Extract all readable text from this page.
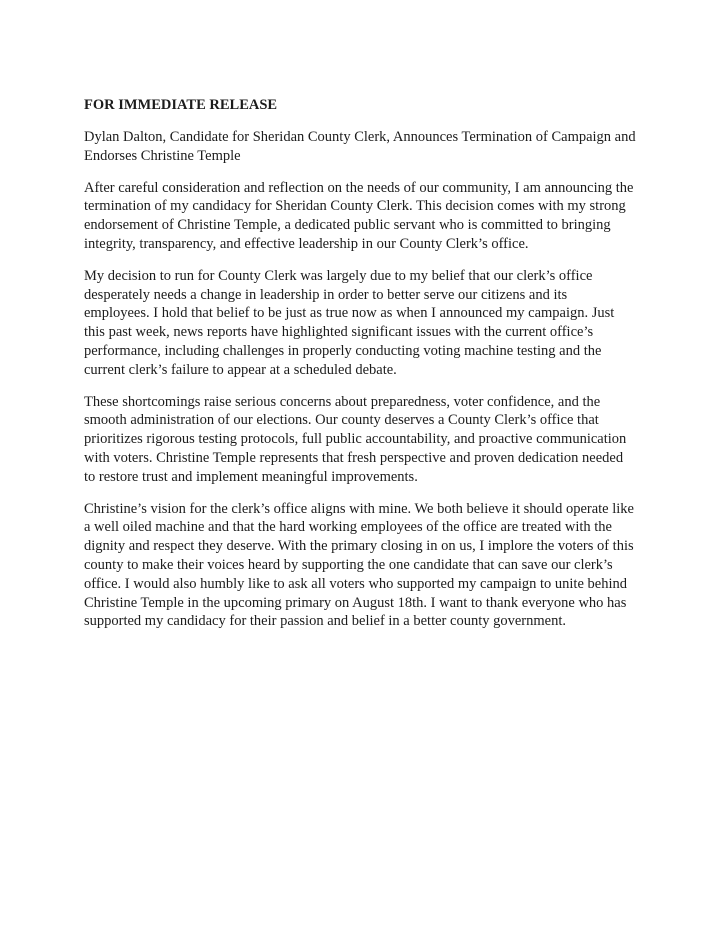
FOR IMMEDIATE RELEASE
Dylan Dalton, Candidate for Sheridan County Clerk, Announces Termination of Campaign and Endorses Christine Temple
After careful consideration and reflection on the needs of our community, I am announcing the termination of my candidacy for Sheridan County Clerk. This decision comes with my strong endorsement of Christine Temple, a dedicated public servant who is committed to bringing integrity, transparency, and effective leadership in our County Clerk’s office.
My decision to run for County Clerk was largely due to my belief that our clerk’s office desperately needs a change in leadership in order to better serve our citizens and its employees. I hold that belief to be just as true now as when I announced my campaign. Just this past week, news reports have highlighted significant issues with the current office’s performance, including challenges in properly conducting voting machine testing and the current clerk’s failure to appear at a scheduled debate.
These shortcomings raise serious concerns about preparedness, voter confidence, and the smooth administration of our elections. Our county deserves a County Clerk’s office that prioritizes rigorous testing protocols, full public accountability, and proactive communication with voters. Christine Temple represents that fresh perspective and proven dedication needed to restore trust and implement meaningful improvements.
Christine’s vision for the clerk’s office aligns with mine. We both believe it should operate like a well oiled machine and that the hard working employees of the office are treated with the dignity and respect they deserve. With the primary closing in on us, I implore the voters of this county to make their voices heard by supporting the one candidate that can save our clerk’s office. I would also humbly like to ask all voters who supported my campaign to unite behind Christine Temple in the upcoming primary on August 18th. I want to thank everyone who has supported my candidacy for their passion and belief in a better county government.
